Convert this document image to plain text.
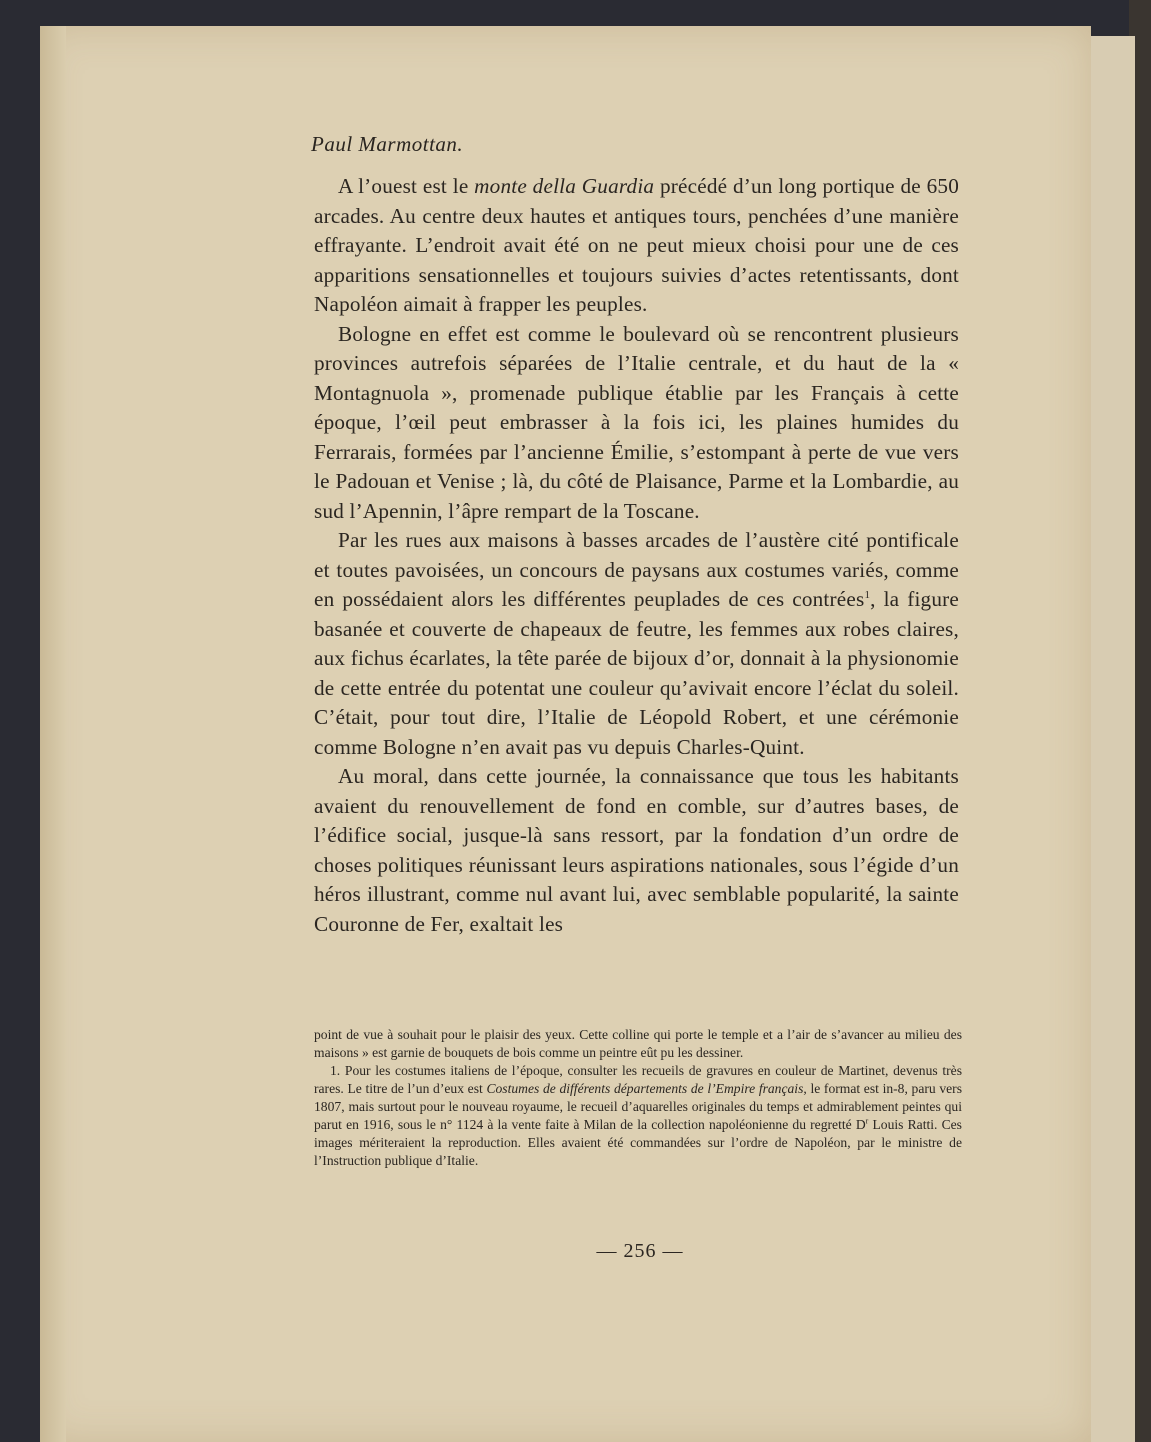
Paul Marmottan.

A l’ouest est le monte della Guardia précédé d’un long portique de 650 arcades. Au centre deux hautes et antiques tours, penchées d’une manière effrayante. L’endroit avait été on ne peut mieux choisi pour une de ces apparitions sensationnelles et toujours suivies d’actes retentissants, dont Napoléon aimait à frapper les peuples.

Bologne en effet est comme le boulevard où se rencontrent plusieurs provinces autrefois séparées de l’Italie centrale, et du haut de la « Montagnuola », promenade publique établie par les Français à cette époque, l’œil peut embrasser à la fois ici, les plaines humides du Ferrarais, formées par l’ancienne Émilie, s’estompant à perte de vue vers le Padouan et Venise ; là, du côté de Plaisance, Parme et la Lombardie, au sud l’Apennin, l’âpre rempart de la Toscane.

Par les rues aux maisons à basses arcades de l’austère cité pontificale et toutes pavoisées, un concours de paysans aux costumes variés, comme en possédaient alors les différentes peuplades de ces contrées$^1$, la figure basanée et couverte de chapeaux de feutre, les femmes aux robes claires, aux fichus écarlates, la tête parée de bijoux d’or, donnait à la physionomie de cette entrée du potentat une couleur qu’avivait encore l’éclat du soleil. C’était, pour tout dire, l’Italie de Léopold Robert, et une cérémonie comme Bologne n’en avait pas vu depuis Charles-Quint.

Au moral, dans cette journée, la connaissance que tous les habitants avaient du renouvellement de fond en comble, sur d’autres bases, de l’édifice social, jusque-là sans ressort, par la fondation d’un ordre de choses politiques réunissant leurs aspirations nationales, sous l’égide d’un héros illustrant, comme nul avant lui, avec semblable popularité, la sainte Couronne de Fer, exaltait les

point de vue à souhait pour le plaisir des yeux. Cette colline qui porte le temple et a l’air de s’avancer au milieu des maisons » est garnie de bouquets de bois comme un peintre eût pu les dessiner.

1. Pour les costumes italiens de l’époque, consulter les recueils de gravures en couleur de Martinet, devenus très rares. Le titre de l’un d’eux est Costumes de différents départements de l’Empire français, le format est in-8, paru vers 1807, mais surtout pour le nouveau royaume, le recueil d’aquarelles originales du temps et admirablement peintes qui parut en 1916, sous le n° 1124 à la vente faite à Milan de la collection napoléonienne du regretté $D^r$ Louis Ratti. Ces images mériteraient la reproduction. Elles avaient été commandées sur l’ordre de Napoléon, par le ministre de l’Instruction publique d’Italie.

— 256 —
